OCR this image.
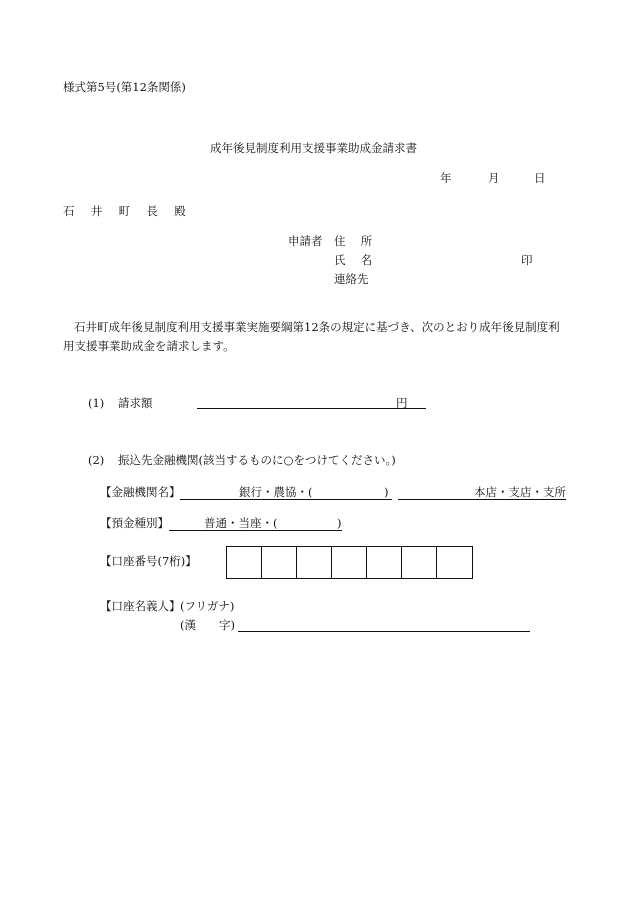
様式第5号(第12条関係)
成年後見制度利用支援事業助成金請求書
年	月	日
石 井 町 長 殿
申請者 住 所
氏 名	印
連絡先
石井町成年後見制度利用支援事業実施要綱第12条の規定に基づき、次のとおり成年後見制度利
用支援事業助成金を請求します。
(1) 請求額	円
(2) 振込先金融機関(該当するものに○をつけてください。)
【金融機関名】	銀行・農協・(	)	本店・支店・支所
【預金種別】	普通・当座・(	)
【口座番号(7桁)】
【口座名義人】 (フリガナ)
(漢　　字)
